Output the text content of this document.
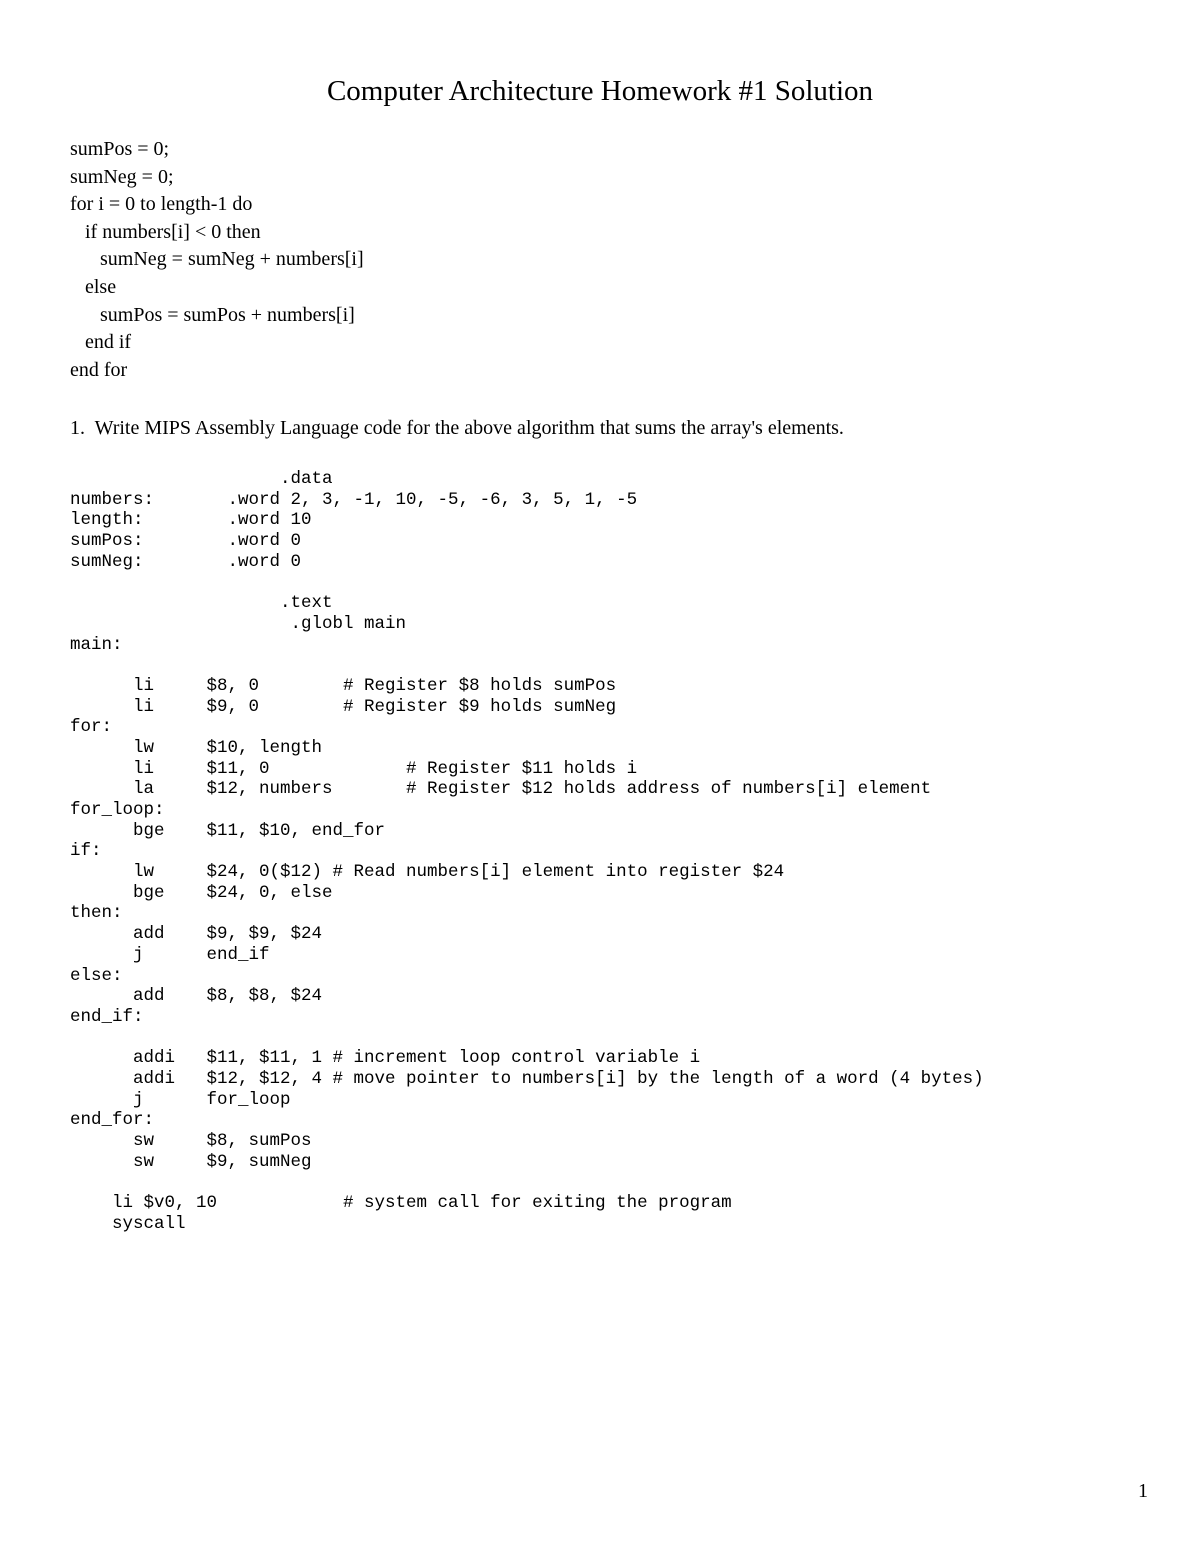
Computer Architecture Homework #1 Solution
sumPos = 0;
sumNeg = 0;
for i = 0 to length-1 do
if numbers[i] < 0 then
sumNeg = sumNeg + numbers[i]
else
sumPos = sumPos + numbers[i]
end if
end for
1.  Write MIPS Assembly Language code for the above algorithm that sums the array's elements.
.data
numbers:       .word 2, 3, -1, 10, -5, -6, 3, 5, 1, -5
length:        .word 10
sumPos:        .word 0
sumNeg:        .word 0
.text
.globl main
main:
li     $8, 0        # Register $8 holds sumPos
li     $9, 0        # Register $9 holds sumNeg
for:
lw     $10, length
li     $11, 0             # Register $11 holds i
la     $12, numbers       # Register $12 holds address of numbers[i] element
for_loop:
bge    $11, $10, end_for
if:
lw     $24, 0($12) # Read numbers[i] element into register $24
bge    $24, 0, else
then:
add    $9, $9, $24
j      end_if
else:
add    $8, $8, $24
end_if:
addi   $11, $11, 1 # increment loop control variable i
addi   $12, $12, 4 # move pointer to numbers[i] by the length of a word (4 bytes)
j      for_loop
end_for:
sw     $8, sumPos
sw     $9, sumNeg
li $v0, 10            # system call for exiting the program
syscall
1
